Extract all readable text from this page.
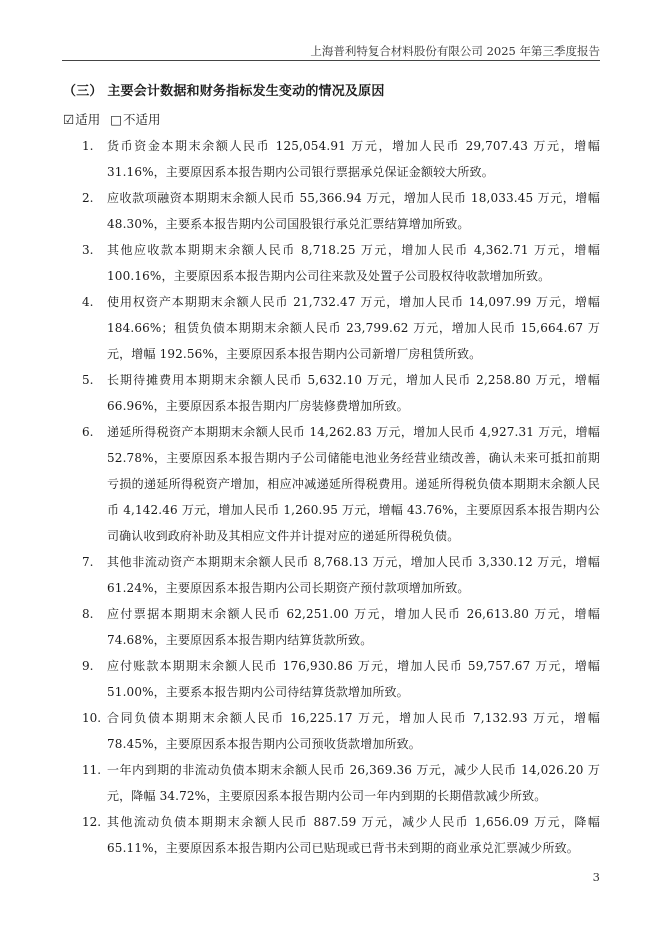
上海普利特复合材料股份有限公司 2025 年第三季度报告
（三） 主要会计数据和财务指标发生变动的情况及原因
☑适用 □不适用
1.	货币资金本期末余额人民币 125,054.91 万元，增加人民币 29,707.43 万元，增幅 31.16%，主要原因系本报告期内公司银行票据承兑保证金额较大所致。
2.	应收款项融资本期期末余额人民币 55,366.94 万元，增加人民币 18,033.45 万元，增幅 48.30%，主要系本报告期内公司国股银行承兑汇票结算增加所致。
3.	其他应收款本期期末余额人民币 8,718.25 万元，增加人民币 4,362.71 万元，增幅 100.16%，主要原因系本报告期内公司往来款及处置子公司股权待收款增加所致。
4.	使用权资产本期期末余额人民币 21,732.47 万元，增加人民币 14,097.99 万元，增幅 184.66%；租赁负债本期期末余额人民币 23,799.62 万元，增加人民币 15,664.67 万元，增幅 192.56%，主要原因系本报告期内公司新增厂房租赁所致。
5.	长期待摊费用本期期末余额人民币 5,632.10 万元，增加人民币 2,258.80 万元，增幅 66.96%，主要原因系本报告期内厂房装修费增加所致。
6.	递延所得税资产本期期末余额人民币 14,262.83 万元，增加人民币 4,927.31 万元，增幅 52.78%，主要原因系本报告期内子公司储能电池业务经营业绩改善，确认未来可抵扣前期亏损的递延所得税资产增加，相应冲减递延所得税费用。递延所得税负债本期期末余额人民币 4,142.46 万元，增加人民币 1,260.95 万元，增幅 43.76%，主要原因系本报告期内公司确认收到政府补助及其相应文件并计提对应的递延所得税负债。
7.	其他非流动资产本期期末余额人民币 8,768.13 万元，增加人民币 3,330.12 万元，增幅 61.24%，主要原因系本报告期内公司长期资产预付款项增加所致。
8.	应付票据本期期末余额人民币 62,251.00 万元，增加人民币 26,613.80 万元，增幅 74.68%，主要原因系本报告期内结算货款所致。
9.	应付账款本期期末余额人民币 176,930.86 万元，增加人民币 59,757.67 万元，增幅 51.00%，主要系本报告期内公司待结算货款增加所致。
10. 合同负债本期期末余额人民币 16,225.17 万元，增加人民币 7,132.93 万元，增幅 78.45%，主要原因系本报告期内公司预收货款增加所致。
11. 一年内到期的非流动负债本期末余额人民币 26,369.36 万元，减少人民币 14,026.20 万元，降幅 34.72%，主要原因系本报告期内公司一年内到期的长期借款减少所致。
12. 其他流动负债本期期末余额人民币 887.59 万元，减少人民币 1,656.09 万元，降幅 65.11%，主要原因系本报告期内公司已贴现或已背书未到期的商业承兑汇票减少所致。
3
